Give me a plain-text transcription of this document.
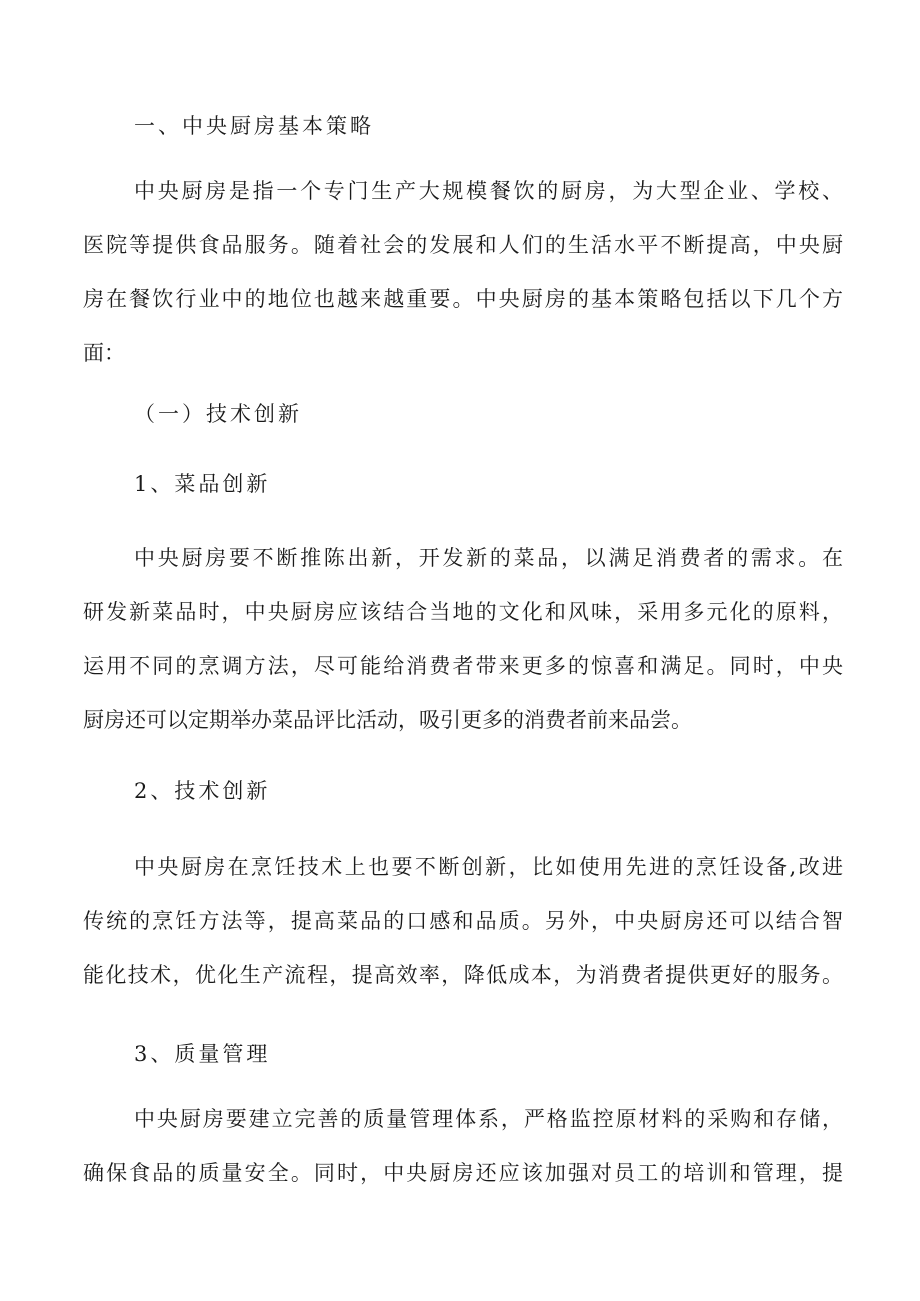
一、中央厨房基本策略
中央厨房是指一个专门生产大规模餐饮的厨房，为大型企业、学校、
医院等提供食品服务。随着社会的发展和人们的生活水平不断提高，中央厨
房在餐饮行业中的地位也越来越重要。中央厨房的基本策略包括以下几个方
面：
（一）技术创新
1、菜品创新
中央厨房要不断推陈出新，开发新的菜品，以满足消费者的需求。在
研发新菜品时，中央厨房应该结合当地的文化和风味，采用多元化的原料，
运用不同的烹调方法，尽可能给消费者带来更多的惊喜和满足。同时，中央
厨房还可以定期举办菜品评比活动，吸引更多的消费者前来品尝。
2、技术创新
中央厨房在烹饪技术上也要不断创新，比如使用先进的烹饪设备,改进
传统的烹饪方法等，提高菜品的口感和品质。另外，中央厨房还可以结合智
能化技术，优化生产流程，提高效率，降低成本，为消费者提供更好的服务。
3、质量管理
中央厨房要建立完善的质量管理体系，严格监控原材料的采购和存储，
确保食品的质量安全。同时，中央厨房还应该加强对员工的培训和管理，提
